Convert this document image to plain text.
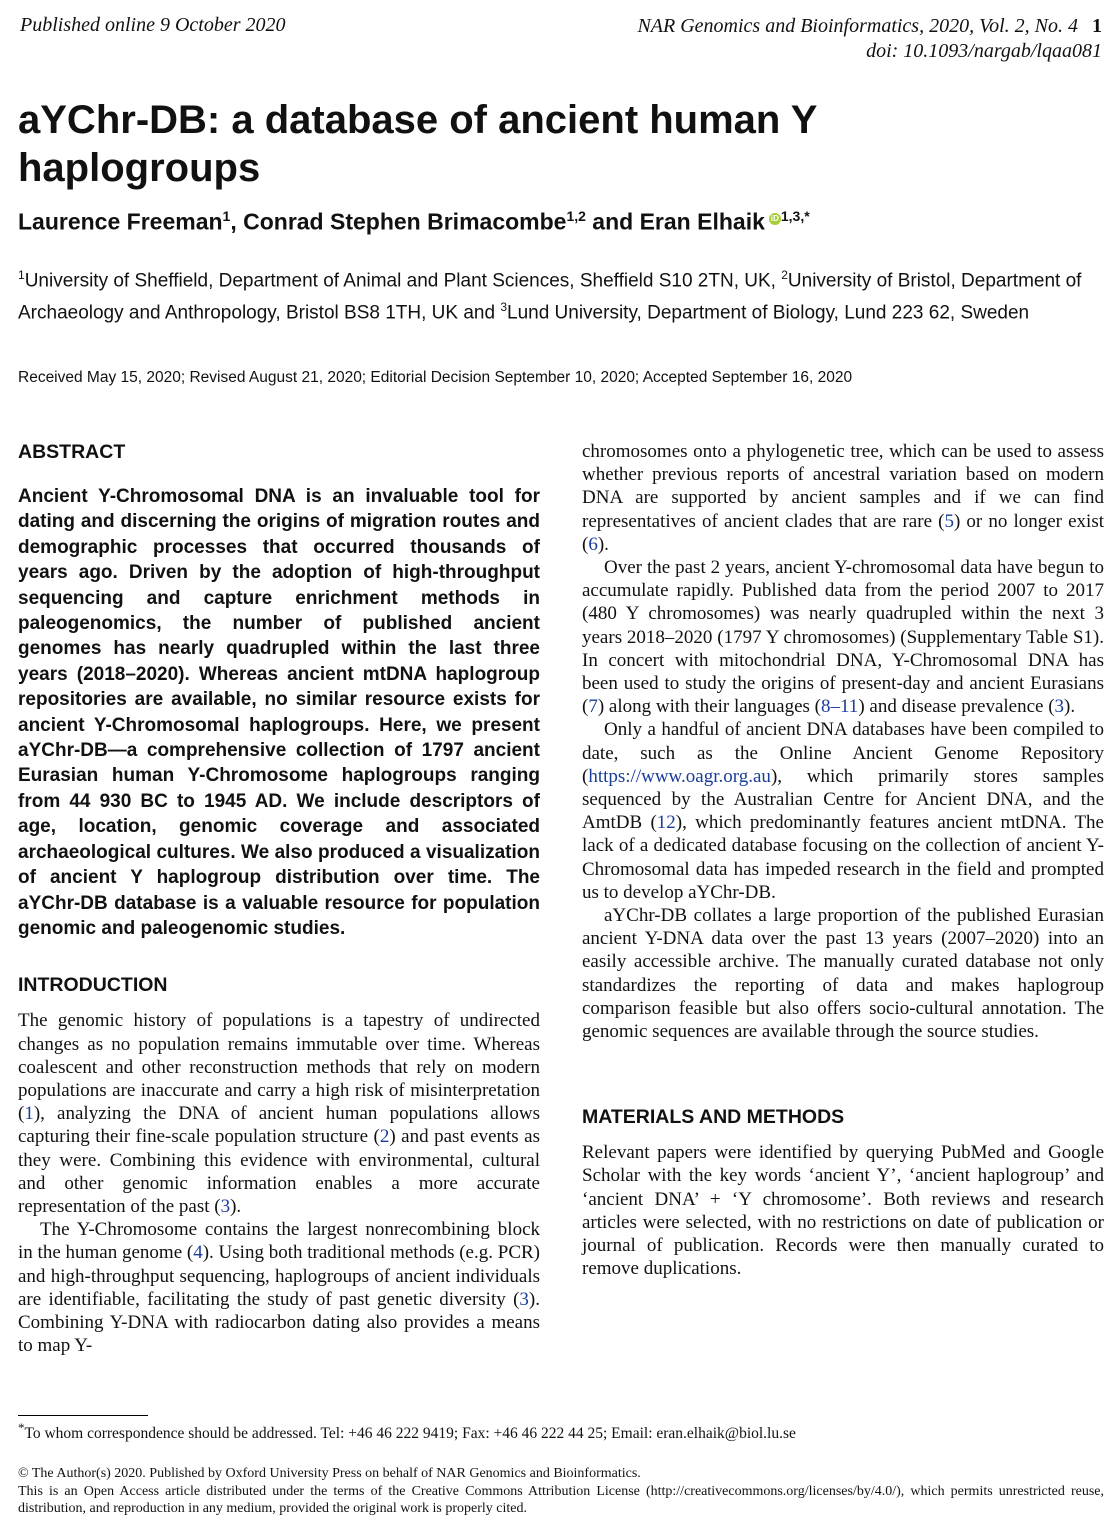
Published online 9 October 2020	NAR Genomics and Bioinformatics, 2020, Vol. 2, No. 4 1
doi: 10.1093/nargab/lqaa081
aYChr-DB: a database of ancient human Y haplogroups
Laurence Freeman$^1$, Conrad Stephen Brimacombe$^{1,2}$ and Eran Elhaik iD $^{1,3,*}$
$^1$University of Sheffield, Department of Animal and Plant Sciences, Sheffield S10 2TN, UK, $^2$University of Bristol, Department of Archaeology and Anthropology, Bristol BS8 1TH, UK and $^3$Lund University, Department of Biology, Lund 223 62, Sweden
Received May 15, 2020; Revised August 21, 2020; Editorial Decision September 10, 2020; Accepted September 16, 2020
ABSTRACT

Ancient Y-Chromosomal DNA is an invaluable tool for dating and discerning the origins of migration routes and demographic processes that occurred thousands of years ago. Driven by the adoption of high-throughput sequencing and capture enrichment methods in paleogenomics, the number of published ancient genomes has nearly quadrupled within the last three years (2018–2020). Whereas ancient mtDNA haplogroup repositories are available, no similar resource exists for ancient Y-Chromosomal haplogroups. Here, we present aYChr-DB—a comprehensive collection of 1797 ancient Eurasian human Y-Chromosome haplogroups ranging from 44 930 BC to 1945 AD. We include descriptors of age, location, genomic coverage and associated archaeological cultures. We also produced a visualization of ancient Y haplogroup distribution over time. The aYChr-DB database is a valuable resource for population genomic and paleogenomic studies.

INTRODUCTION

The genomic history of populations is a tapestry of undirected changes as no population remains immutable over time. Whereas coalescent and other reconstruction methods that rely on modern populations are inaccurate and carry a high risk of misinterpretation (1), analyzing the DNA of ancient human populations allows capturing their fine-scale population structure (2) and past events as they were. Combining this evidence with environmental, cultural and other genomic information enables a more accurate representation of the past (3).

The Y-Chromosome contains the largest nonrecombining block in the human genome (4). Using both traditional methods (e.g. PCR) and high-throughput sequencing, haplogroups of ancient individuals are identifiable, facilitating the study of past genetic diversity (3). Combining Y-DNA with radiocarbon dating also provides a means to map Y-

chromosomes onto a phylogenetic tree, which can be used to assess whether previous reports of ancestral variation based on modern DNA are supported by ancient samples and if we can find representatives of ancient clades that are rare (5) or no longer exist (6).

Over the past 2 years, ancient Y-chromosomal data have begun to accumulate rapidly. Published data from the period 2007 to 2017 (480 Y chromosomes) was nearly quadrupled within the next 3 years 2018–2020 (1797 Y chromosomes) (Supplementary Table S1). In concert with mitochondrial DNA, Y-Chromosomal DNA has been used to study the origins of present-day and ancient Eurasians (7) along with their languages (8–11) and disease prevalence (3).

Only a handful of ancient DNA databases have been compiled to date, such as the Online Ancient Genome Repository (https://www.oagr.org.au), which primarily stores samples sequenced by the Australian Centre for Ancient DNA, and the AmtDB (12), which predominantly features ancient mtDNA. The lack of a dedicated database focusing on the collection of ancient Y-Chromosomal data has impeded research in the field and prompted us to develop aYChr-DB.

aYChr-DB collates a large proportion of the published Eurasian ancient Y-DNA data over the past 13 years (2007–2020) into an easily accessible archive. The manually curated database not only standardizes the reporting of data and makes haplogroup comparison feasible but also offers socio-cultural annotation. The genomic sequences are available through the source studies.

MATERIALS AND METHODS

Relevant papers were identified by querying PubMed and Google Scholar with the key words ‘ancient Y’, ‘ancient haplogroup’ and ‘ancient DNA’ + ‘Y chromosome’. Both reviews and research articles were selected, with no restrictions on date of publication or journal of publication. Records were then manually curated to remove duplications.

*To whom correspondence should be addressed. Tel: +46 46 222 9419; Fax: +46 46 222 44 25; Email: eran.elhaik@biol.lu.se
© The Author(s) 2020. Published by Oxford University Press on behalf of NAR Genomics and Bioinformatics.
This is an Open Access article distributed under the terms of the Creative Commons Attribution License (http://creativecommons.org/licenses/by/4.0/), which permits unrestricted reuse, distribution, and reproduction in any medium, provided the original work is properly cited.
